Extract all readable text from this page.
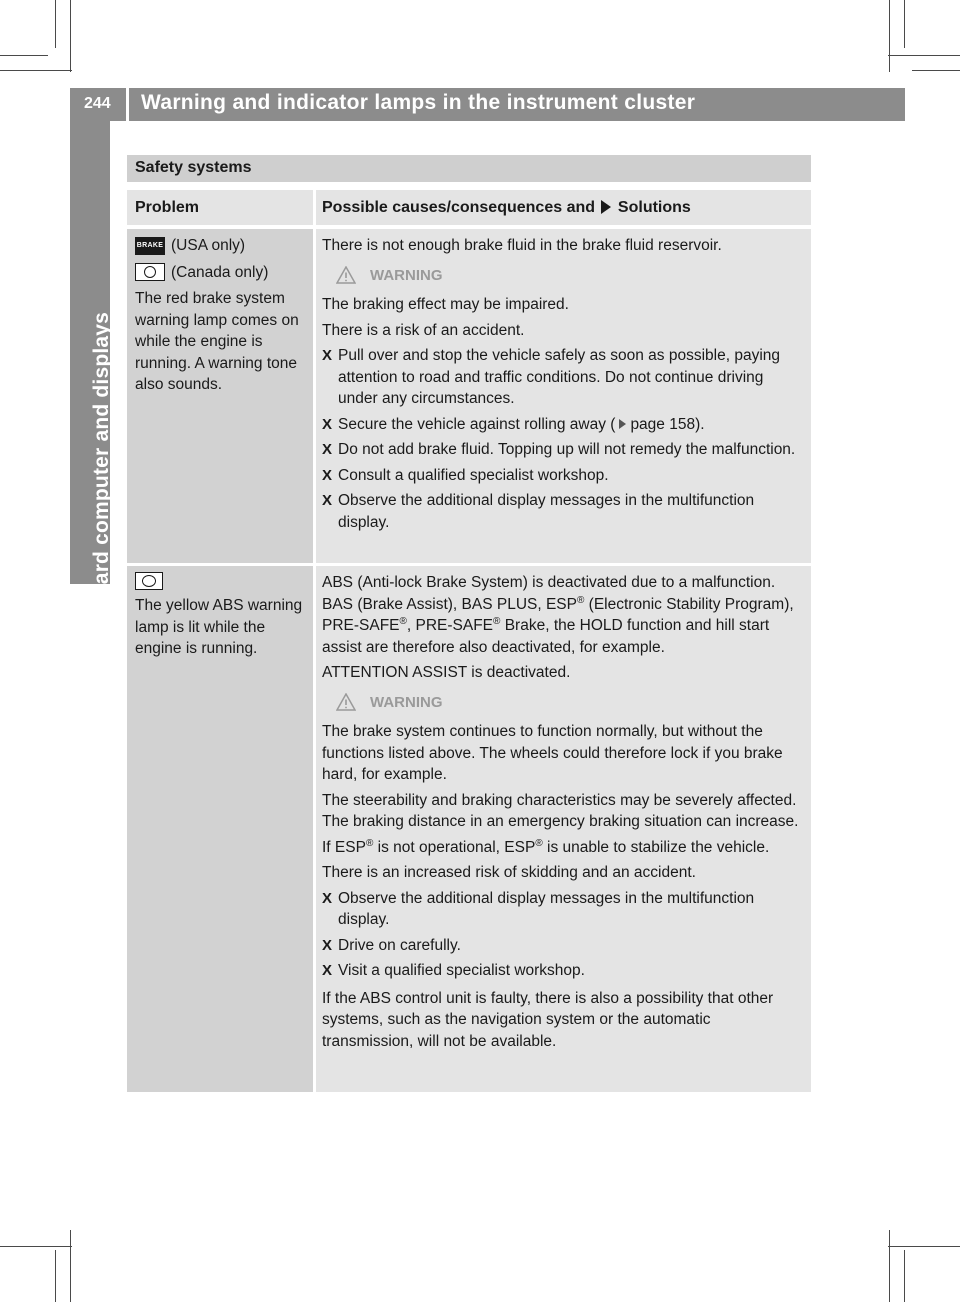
244 Warning and indicator lamps in the instrument cluster
On-board computer and displays
Safety systems
Problem	Possible causes/consequences and Solutions
BRAKE (USA only)
(Canada only)
The red brake system warning lamp comes on while the engine is running. A warning tone also sounds.

There is not enough brake fluid in the brake fluid reservoir.

WARNING

The braking effect may be impaired.

There is a risk of an accident.

X Pull over and stop the vehicle safely as soon as possible, paying attention to road and traffic conditions. Do not continue driving under any circumstances.
X Secure the vehicle against rolling away ( page 158).
X Do not add brake fluid. Topping up will not remedy the malfunction.
X Consult a qualified specialist workshop.
X Observe the additional display messages in the multifunction display.
The yellow ABS warning lamp is lit while the engine is running.

ABS (Anti-lock Brake System) is deactivated due to a malfunction. BAS (Brake Assist), BAS PLUS, ESP® (Electronic Stability Program), PRE-SAFE®, PRE-SAFE® Brake, the HOLD function and hill start assist are therefore also deactivated, for example.

ATTENTION ASSIST is deactivated.

WARNING

The brake system continues to function normally, but without the functions listed above. The wheels could therefore lock if you brake hard, for example.

The steerability and braking characteristics may be severely affected. The braking distance in an emergency braking situation can increase.

If ESP® is not operational, ESP® is unable to stabilize the vehicle.

There is an increased risk of skidding and an accident.

X Observe the additional display messages in the multifunction display.
X Drive on carefully.
X Visit a qualified specialist workshop.

If the ABS control unit is faulty, there is also a possibility that other systems, such as the navigation system or the automatic transmission, will not be available.
